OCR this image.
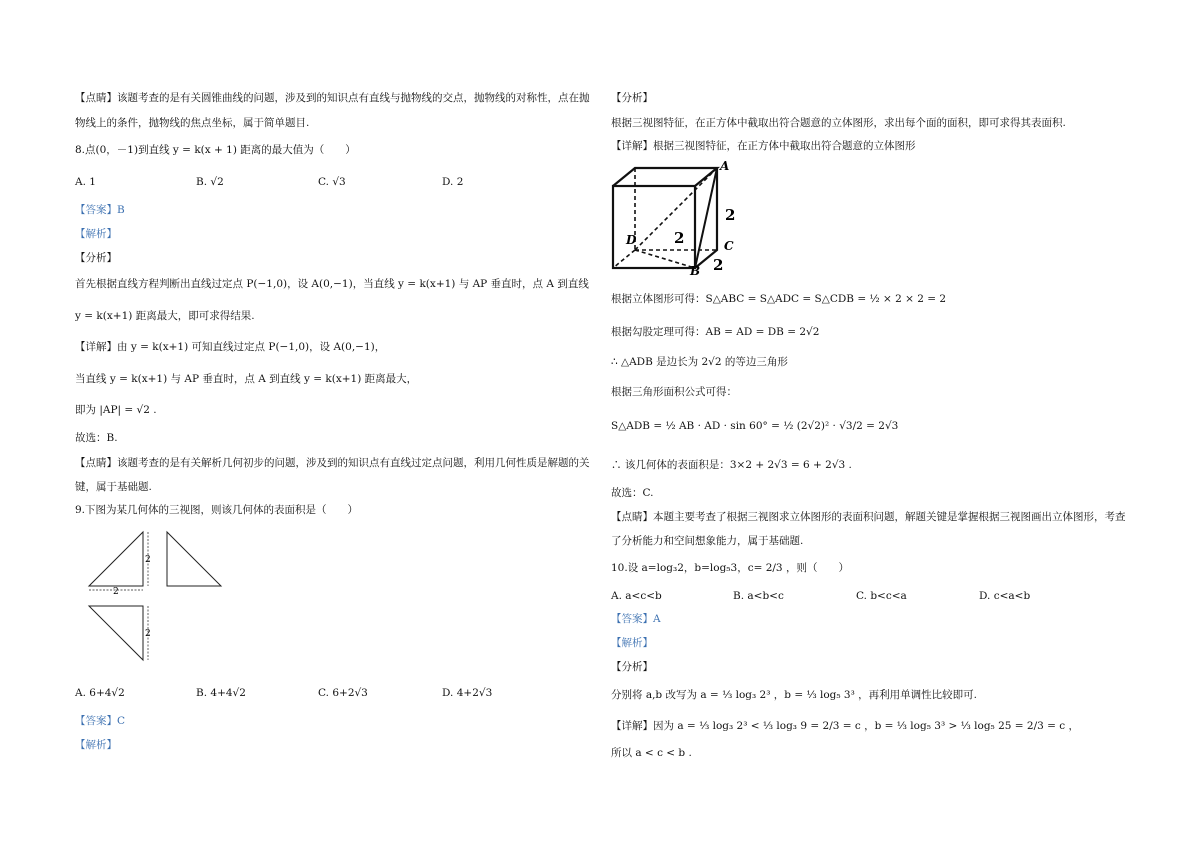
【点睛】该题考查的是有关圆锥曲线的问题，涉及到的知识点有直线与抛物线的交点，抛物线的对称性，点在抛
物线上的条件，抛物线的焦点坐标，属于简单题目.
8.点(0，－1)到直线 y = k(x + 1) 距离的最大值为（　　）
A. 1	B. √2	C. √3	D. 2
【答案】B
【解析】
【分析】
首先根据直线方程判断出直线过定点 P(−1,0)，设 A(0,−1)，当直线 y = k(x+1) 与 AP 垂直时，点 A 到直线
y = k(x+1) 距离最大，即可求得结果.
【详解】由 y = k(x+1) 可知直线过定点 P(−1,0)，设 A(0,−1)，
当直线 y = k(x+1) 与 AP 垂直时，点 A 到直线 y = k(x+1) 距离最大，
即为 |AP| = √2 .
故选：B.
【点睛】该题考查的是有关解析几何初步的问题，涉及到的知识点有直线过定点问题，利用几何性质是解题的关
键，属于基础题.
9.下图为某几何体的三视图，则该几何体的表面积是（　　）
2
2
2
A. 6+4√2	B. 4+4√2	C. 6+2√3	D. 4+2√3
【答案】C
【解析】
【分析】
根据三视图特征，在正方体中截取出符合题意的立体图形，求出每个面的面积，即可求得其表面积.
【详解】根据三视图特征，在正方体中截取出符合题意的立体图形
A
D	C
B
2
2
2
根据立体图形可得：S△ABC = S△ADC = S△CDB = ½ × 2 × 2 = 2
根据勾股定理可得：AB = AD = DB = 2√2
∴ △ADB 是边长为 2√2 的等边三角形
根据三角形面积公式可得：
S△ADB = ½ AB · AD · sin 60° = ½ (2√2)² · √3/2 = 2√3
∴ 该几何体的表面积是：3×2 + 2√3 = 6 + 2√3 .
故选：C.
【点睛】本题主要考查了根据三视图求立体图形的表面积问题，解题关键是掌握根据三视图画出立体图形，考查
了分析能力和空间想象能力，属于基础题.
10.设 a=log₃2，b=log₅3，c= 2/3 ，则（　　）
A. a<c<b	B. a<b<c	C. b<c<a	D. c<a<b
【答案】A
【解析】
【分析】
分别将 a,b 改写为 a = ⅓ log₃ 2³ ，b = ⅓ log₅ 3³ ，再利用单调性比较即可.
【详解】因为 a = ⅓ log₃ 2³ < ⅓ log₃ 9 = 2/3 = c ，b = ⅓ log₅ 3³ > ⅓ log₅ 25 = 2/3 = c ，
所以 a < c < b .
